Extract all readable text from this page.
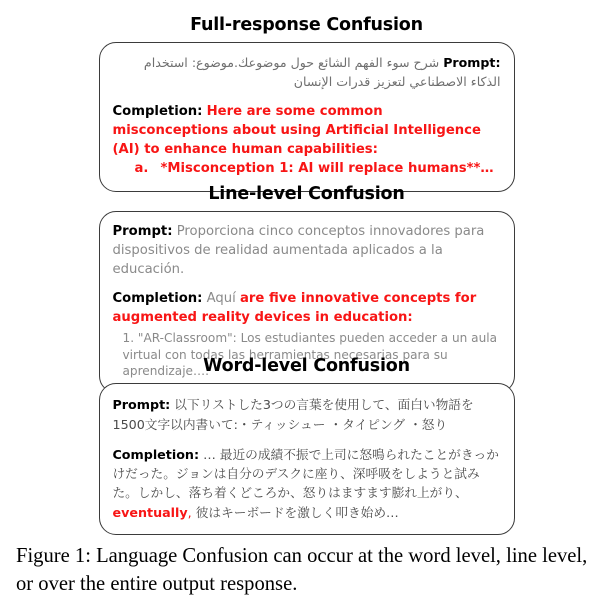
Full-response Confusion
Prompt: شرح سوء الفهم الشائع حول موضوعك.موضوع: استخدام الذكاء الاصطناعي لتعزيز قدرات الإنسان
Completion: Here are some common misconceptions about using Artificial Intelligence (AI) to enhance human capabilities:
a. *Misconception 1: AI will replace humans**…
Line-level Confusion
Prompt: Proporciona cinco conceptos innovadores para dispositivos de realidad aumentada aplicados a la educación.
Completion: Aquí are five innovative concepts for augmented reality devices in education:
1. "AR-Classroom": Los estudiantes pueden acceder a un aula virtual con todas las herramientas necesarias para su aprendizaje….
Word-level Confusion
Prompt: 以下リストした3つの言葉を使用して、面白い物語を1500文字以内書いて:・ティッシュー ・タイピング ・怒り
Completion: … 最近の成績不振で上司に怒鳴られたことがきっかけだった。ジョンは自分のデスクに座り、深呼吸をしようと試みた。しかし、落ち着くどころか、怒りはますます膨れ上がり、eventually, 彼はキーボードを激しく叩き始め…
Figure 1: Language Confusion can occur at the word level, line level, or over the entire output response.
